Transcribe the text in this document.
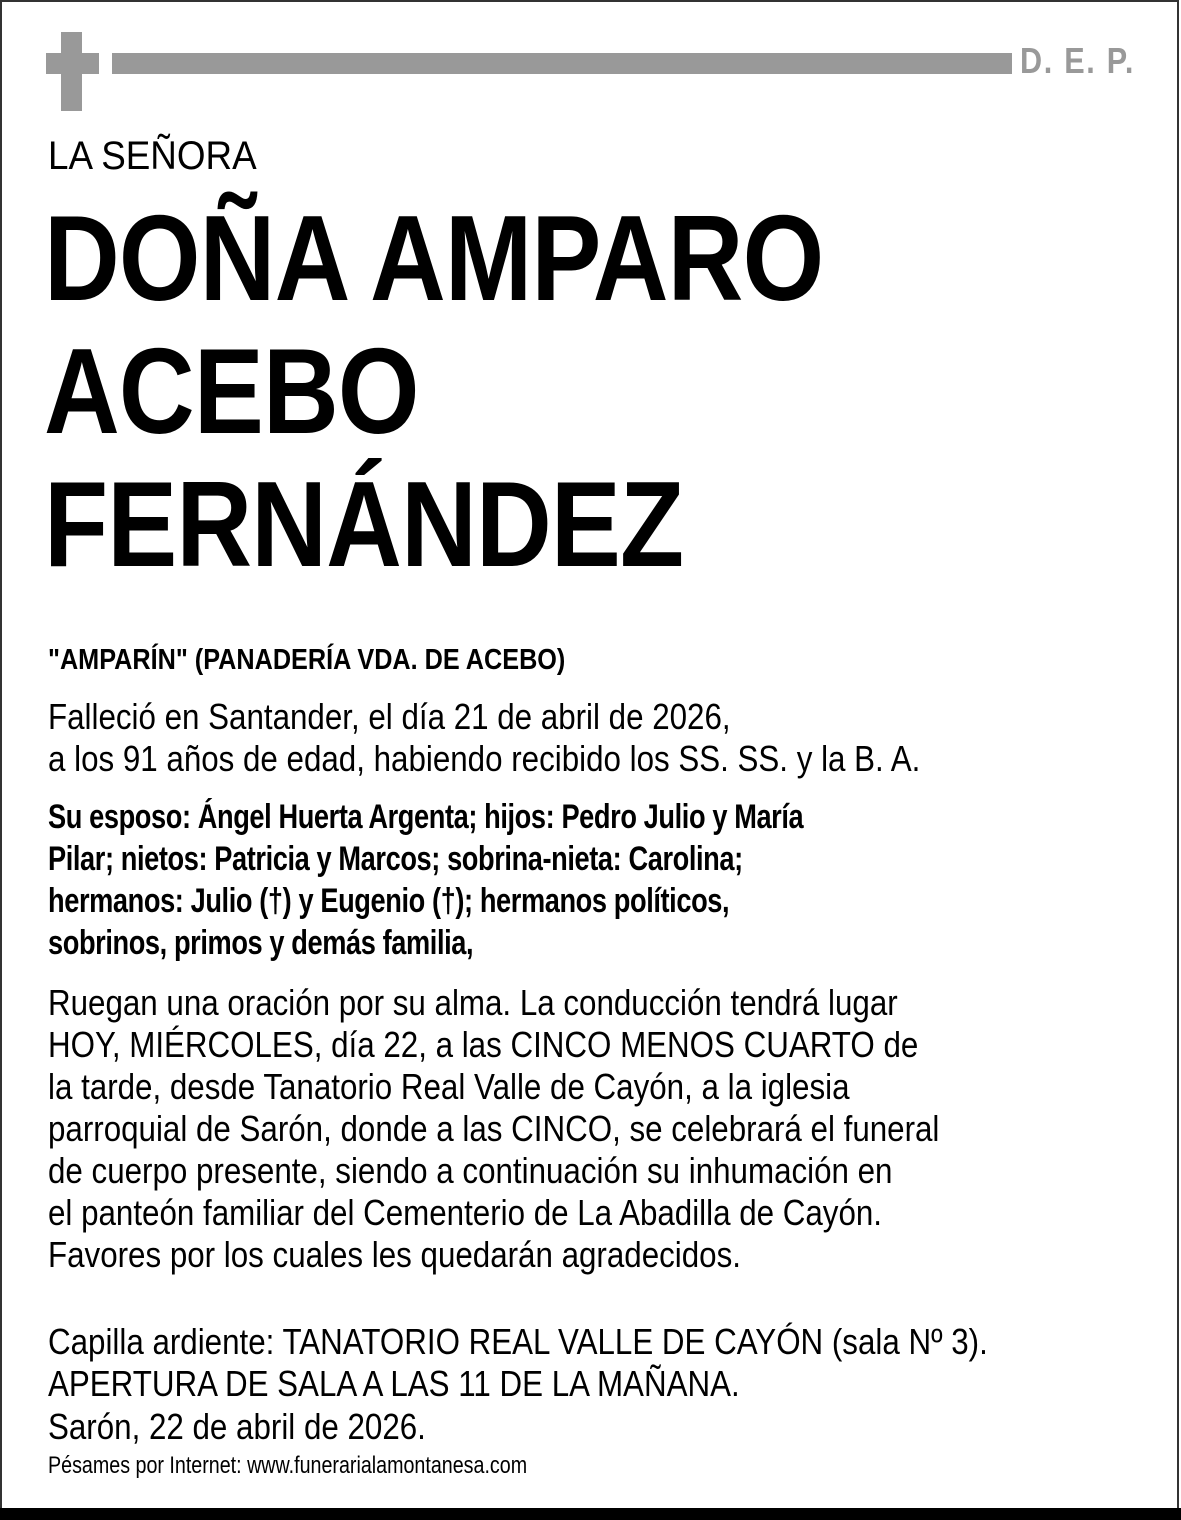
D. E. P.
LA SEÑORA
DOÑA AMPARO
ACEBO
FERNÁNDEZ
"AMPARÍN" (PANADERÍA VDA. DE ACEBO)
Falleció en Santander, el día 21 de abril de 2026,
a los 91 años de edad, habiendo recibido los SS. SS. y la B. A.
Su esposo: Ángel Huerta Argenta; hijos: Pedro Julio y María
Pilar; nietos: Patricia y Marcos; sobrina-nieta: Carolina;
hermanos: Julio (†) y Eugenio (†); hermanos políticos,
sobrinos, primos y demás familia,
Ruegan una oración por su alma. La conducción tendrá lugar
HOY, MIÉRCOLES, día 22, a las CINCO MENOS CUARTO de
la tarde, desde Tanatorio Real Valle de Cayón, a la iglesia
parroquial de Sarón, donde a las CINCO, se celebrará el funeral
de cuerpo presente, siendo a continuación su inhumación en
el panteón familiar del Cementerio de La Abadilla de Cayón.
Favores por los cuales les quedarán agradecidos.
Capilla ardiente: TANATORIO REAL VALLE DE CAYÓN (sala Nº 3).
APERTURA DE SALA A LAS 11 DE LA MAÑANA.
Sarón, 22 de abril de 2026.
Pésames por Internet: www.funerarialamontanesa.com
